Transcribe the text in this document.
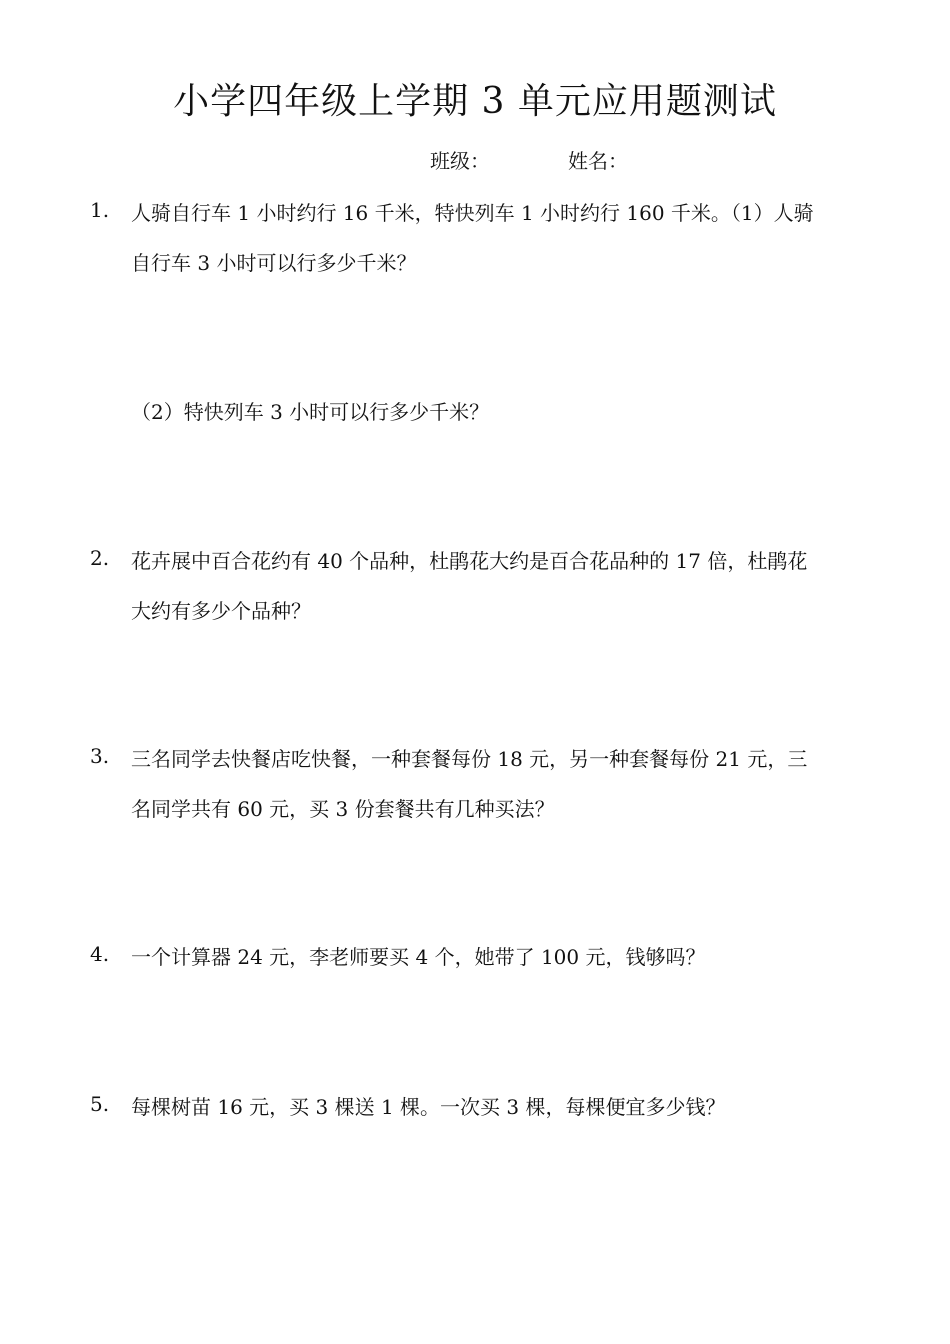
小学四年级上学期 3 单元应用题测试
班级：	姓名：
1.	人骑自行车 1 小时约行 16 千米，特快列车 1 小时约行 160 千米。（1）人骑

自行车 3 小时可以行多少千米？

（2）特快列车 3 小时可以行多少千米？
2.	花卉展中百合花约有 40 个品种，杜鹃花大约是百合花品种的 17 倍，杜鹃花

大约有多少个品种？

3.	三名同学去快餐店吃快餐，一种套餐每份 18 元，另一种套餐每份 21 元，三

名同学共有 60 元，买 3 份套餐共有几种买法？

4.	一个计算器 24 元，李老师要买 4 个，她带了 100 元，钱够吗？

5.	每棵树苗 16 元，买 3 棵送 1 棵。一次买 3 棵，每棵便宜多少钱？
